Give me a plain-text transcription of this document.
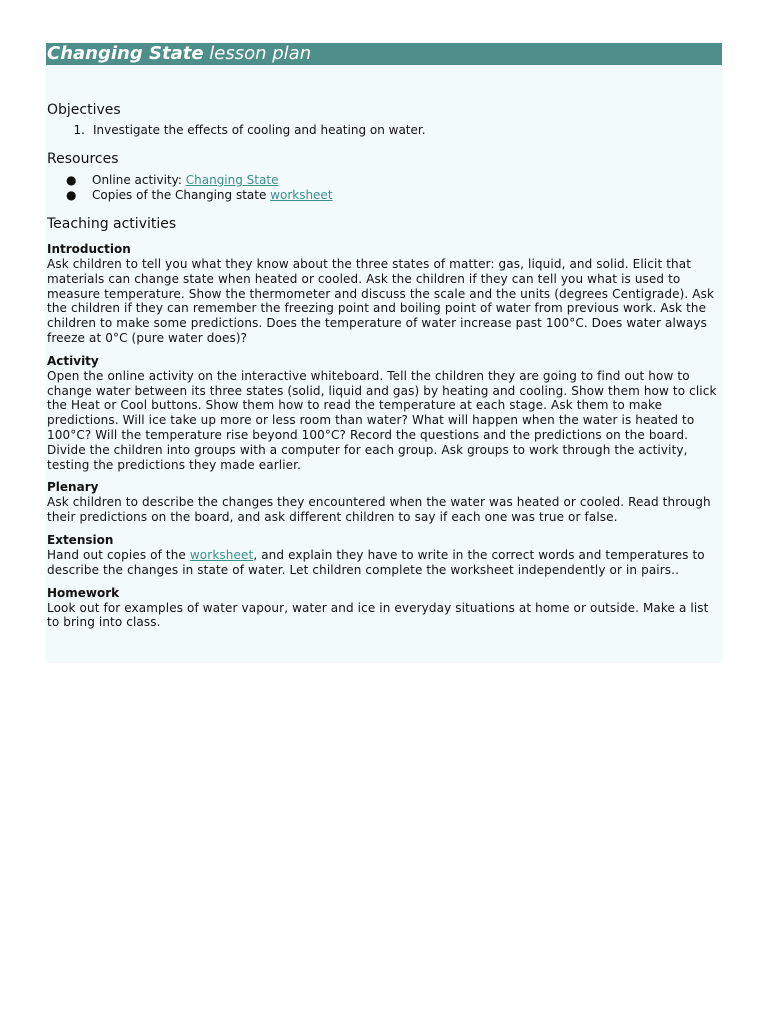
Changing State lesson plan
Objectives
1. Investigate the effects of cooling and heating on water.
Resources
● Online activity: Changing State
● Copies of the Changing state worksheet
Teaching activities
Introduction

Ask children to tell you what they know about the three states of matter: gas, liquid, and solid. Elicit that materials can change state when heated or cooled. Ask the children if they can tell you what is used to measure temperature. Show the thermometer and discuss the scale and the units (degrees Centigrade). Ask the children if they can remember the freezing point and boiling point of water from previous work. Ask the children to make some predictions. Does the temperature of water increase past 100°C. Does water always freeze at 0°C (pure water does)?

Activity

Open the online activity on the interactive whiteboard. Tell the children they are going to find out how to change water between its three states (solid, liquid and gas) by heating and cooling. Show them how to click the Heat or Cool buttons. Show them how to read the temperature at each stage. Ask them to make predictions. Will ice take up more or less room than water? What will happen when the water is heated to 100°C? Will the temperature rise beyond 100°C? Record the questions and the predictions on the board. Divide the children into groups with a computer for each group. Ask groups to work through the activity, testing the predictions they made earlier.

Plenary

Ask children to describe the changes they encountered when the water was heated or cooled. Read through their predictions on the board, and ask different children to say if each one was true or false.

Extension

Hand out copies of the worksheet, and explain they have to write in the correct words and temperatures to describe the changes in state of water. Let children complete the worksheet independently or in pairs..

Homework

Look out for examples of water vapour, water and ice in everyday situations at home or outside. Make a list to bring into class.
